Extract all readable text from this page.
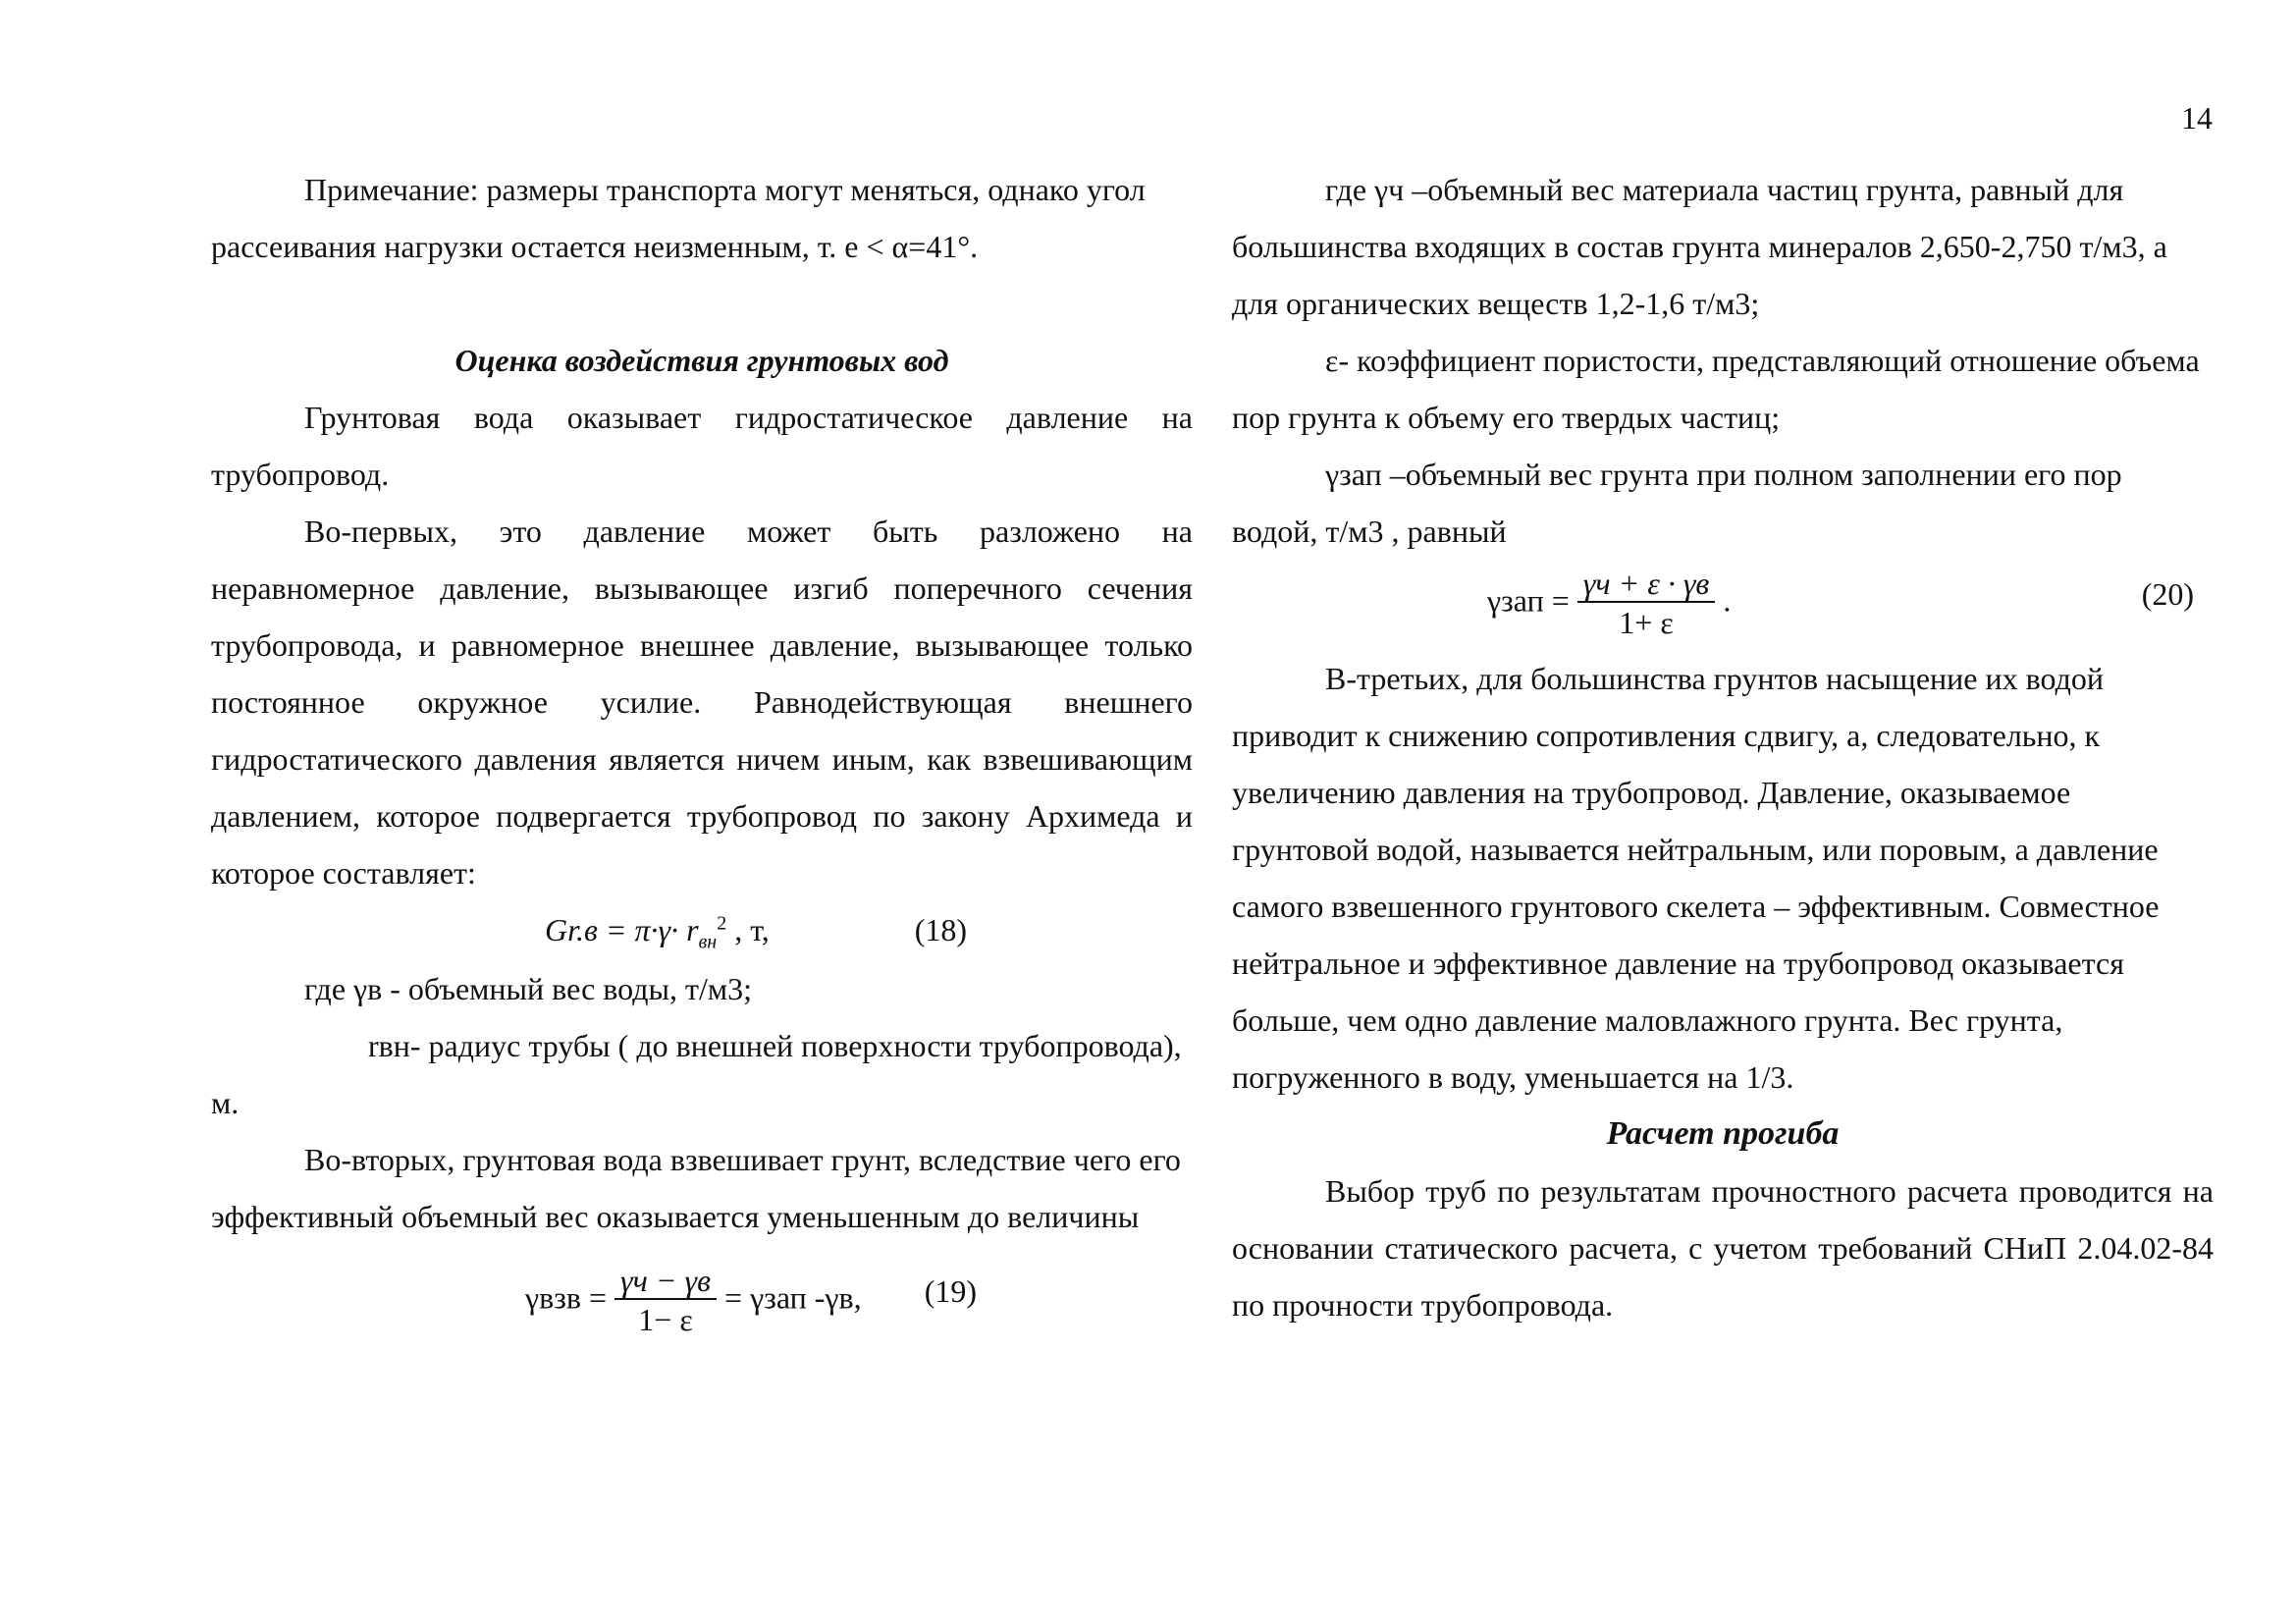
14

Примечание: размеры транспорта могут меняться, однако угол рассеивания нагрузки остается неизменным, т. е < α=41°.

Оценка воздействия грунтовых вод

Грунтовая вода оказывает гидростатическое давление на трубопровод.

Во-первых, это давление может быть разложено на неравномерное давление, вызывающее изгиб поперечного сечения трубопровода, и равномерное внешнее давление, вызывающее только постоянное окружное усилие. Равнодействующая внешнего гидростатического давления является ничем иным, как взвешивающим давлением, которое подвергается трубопровод по закону Архимеда и которое составляет:

$Gr.в = \pi\cdot\gamma\cdot r_{вн}^2$ , т,	(18)

где γв - объемный вес воды, т/м3;

rвн- радиус трубы ( до внешней поверхности трубопровода), м.

Во-вторых, грунтовая вода взвешивает грунт, вследствие чего его эффективный объемный вес оказывается уменьшенным до величины

$\gamma взв = \frac{\gamma ч - \gamma в}{1- \varepsilon} = \gamma зап$ -γв, (19)

где γч –объемный вес материала частиц грунта, равный для большинства входящих в состав грунта минералов 2,650-2,750 т/м3, а для органических веществ 1,2-1,6 т/м3;

ε- коэффициент пористости, представляющий отношение объема пор грунта к объему его твердых частиц;

γзап –объемный вес грунта при полном заполнении его пор водой, т/м3 , равный

$\gamma зап = \frac{\gamma ч + \varepsilon \cdot \gamma в}{1+ \varepsilon}$ .	(20)

В-третьих, для большинства грунтов насыщение их водой приводит к снижению сопротивления сдвигу, а, следовательно, к увеличению давления на трубопровод. Давление, оказываемое грунтовой водой, называется нейтральным, или поровым, а давление самого взвешенного грунтового скелета – эффективным. Совместное нейтральное и эффективное давление на трубопровод оказывается больше, чем одно давление маловлажного грунта. Вес грунта, погруженного в воду, уменьшается на 1/3.

Расчет прогиба

Выбор труб по результатам прочностного расчета проводится на основании статического расчета, с учетом требований СНиП 2.04.02-84 по прочности трубопровода.
